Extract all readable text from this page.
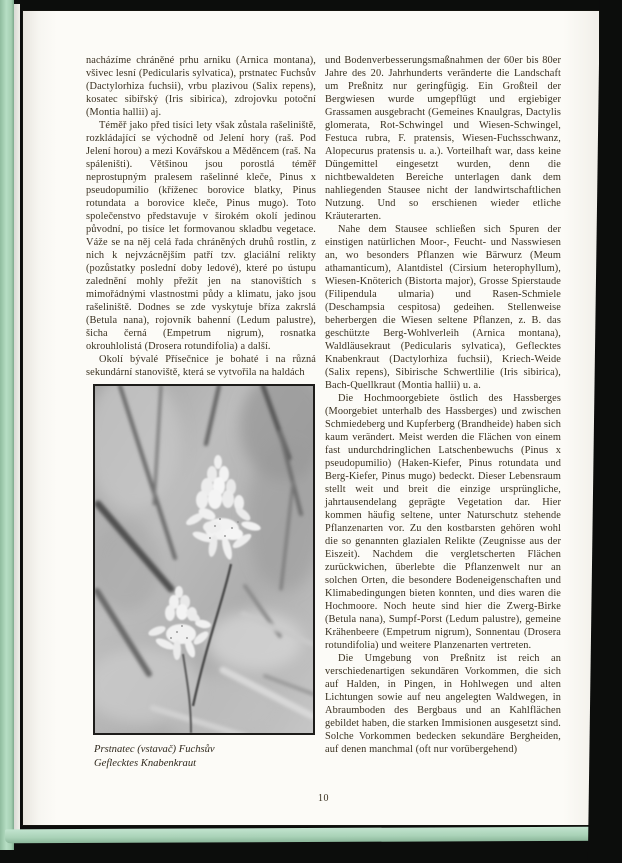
nacházíme chráněné prhu arniku (Arnica montana), všivec lesní (Pedicularis sylvatica), prstnatec Fuchsův (Dactylorhiza fuchsii), vrbu plazivou (Salix repens), kosatec sibiřský (Iris sibirica), zdrojovku potoční (Montia hallii) aj.

Téměř jako před tisíci lety však zůstala rašeliniště, rozkládající se východně od Jelení hory (raš. Pod Jelení horou) a mezi Kovářskou a Měděncem (raš. Na spáleništi). Většinou jsou porostlá téměř neprostupným pralesem rašelinné kleče, Pinus x pseudopumilio (kříženec borovice blatky, Pinus rotundata a borovice kleče, Pinus mugo). Toto společenstvo představuje v širokém okolí jedinou původní, po tisíce let formovanou skladbu vegetace. Váže se na něj celá řada chráněných druhů rostlin, z nich k nejvzácnějším patří tzv. glaciální relikty (pozůstatky poslední doby ledové), které po ústupu zalednění mohly přežít jen na stanovištích s mimořádnými vlastnostmi půdy a klimatu, jako jsou rašeliniště. Dodnes se zde vyskytuje bříza zakrslá (Betula nana), rojovník bahenní (Ledum palustre), šicha černá (Empetrum nigrum), rosnatka okrouhlolistá (Drosera rotundifolia) a další.

Okolí bývalé Přísečnice je bohaté i na různá sekundární stanoviště, která se vytvořila na haldách

Prstnatec (vstavač) Fuchsův
Geflecktes Knabenkraut

und Bodenverbesserungsmaßnahmen der 60er bis 80er Jahre des 20. Jahrhunderts veränderte die Landschaft um Preßnitz nur geringfügig. Ein Großteil der Bergwiesen wurde umgepflügt und ergiebiger Grassamen ausgebracht (Gemeines Knaulgras, Dactylis glomerata, Rot-Schwingel und Wiesen-Schwingel, Festuca rubra, F. pratensis, Wiesen-Fuchsschwanz, Alopecurus pratensis u. a.). Vorteilhaft war, dass keine Düngemittel eingesetzt wurden, denn die nichtbewaldeten Bereiche unterlagen dank dem nahliegenden Stausee nicht der landwirtschaftlichen Nutzung. Und so erschienen wieder etliche Kräuterarten.

Nahe dem Stausee schließen sich Spuren der einstigen natürlichen Moor-, Feucht- und Nasswiesen an, wo besonders Pflanzen wie Bärwurz (Meum athamanticum), Alantdistel (Cirsium heterophyllum), Wiesen-Knöterich (Bistorta major), Grosse Spierstaude (Filipendula ulmaria) und Rasen-Schmiele (Deschampsia cespitosa) gedeihen. Stellenweise beherbergen die Wiesen seltene Pflanzen, z. B. das geschützte Berg-Wohlverleih (Arnica montana), Waldläusekraut (Pedicularis sylvatica), Geflecktes Knabenkraut (Dactylorhiza fuchsii), Kriech-Weide (Salix repens), Sibirische Schwertlilie (Iris sibirica), Bach-Quellkraut (Montia hallii) u. a.

Die Hochmoorgebiete östlich des Hassberges (Moorgebiet unterhalb des Hassberges) und zwischen Schmiedeberg und Kupferberg (Brandheide) haben sich kaum verändert. Meist werden die Flächen von einem fast undurchdringlichen Latschenbewuchs (Pinus x pseudopumilio) (Haken-Kiefer, Pinus rotundata und Berg-Kiefer, Pinus mugo) bedeckt. Dieser Lebensraum stellt weit und breit die einzige ursprüngliche, jahrtausendelang geprägte Vegetation dar. Hier kommen häufig seltene, unter Naturschutz stehende Pflanzenarten vor. Zu den kostbarsten gehören wohl die so genannten glazialen Relikte (Zeugnisse aus der Eiszeit). Nachdem die vergletscherten Flächen zurückwichen, überlebte die Pflanzenwelt nur an solchen Orten, die besondere Bodeneigenschaften und Klimabedingungen bieten konnten, und dies waren die Hochmoore. Noch heute sind hier die Zwerg-Birke (Betula nana), Sumpf-Porst (Ledum palustre), gemeine Krähenbeere (Empetrum nigrum), Sonnentau (Drosera rotundifolia) und weitere Planzenarten vertreten.

Die Umgebung von Preßnitz ist reich an verschiedenartigen sekundären Vorkommen, die sich auf Halden, in Pingen, in Hohlwegen und alten Lichtungen sowie auf neu angelegten Waldwegen, in Abraumboden des Bergbaus und an Kahlflächen gebildet haben, die starken Immisionen ausgesetzt sind. Solche Vorkommen bedecken sekundäre Bergheiden, auf denen manchmal (oft nur vorübergehend)

10
